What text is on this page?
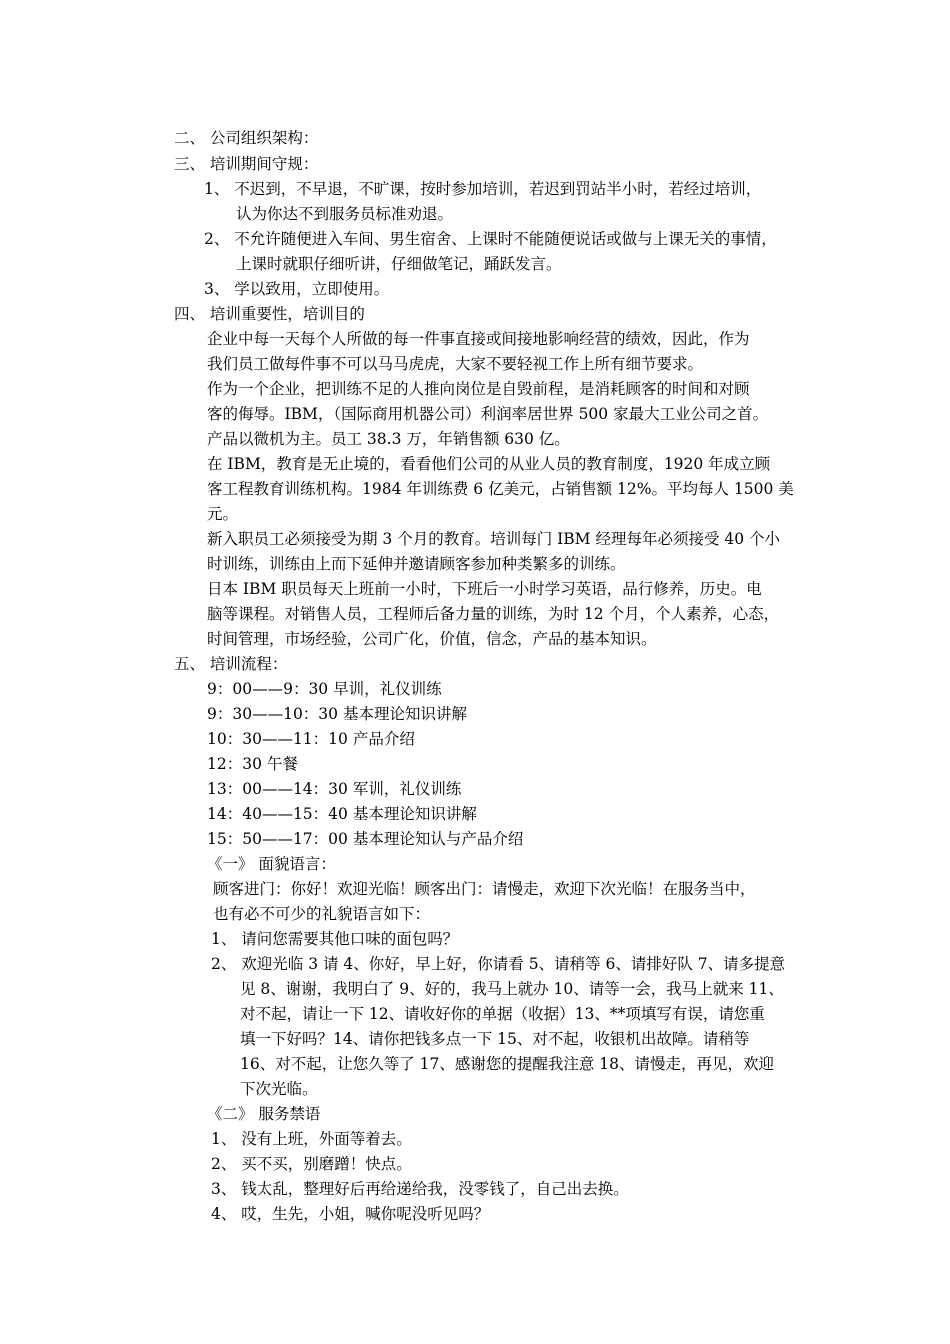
二、 公司组织架构：
三、 培训期间守规：
1、 不迟到，不早退，不旷课，按时参加培训，若迟到罚站半小时，若经过培训，
认为你达不到服务员标准劝退。
2、 不允许随便进入车间、男生宿舍、上课时不能随便说话或做与上课无关的事情，
上课时就职仔细听讲，仔细做笔记，踊跃发言。
3、 学以致用，立即使用。
四、 培训重要性，培训目的
企业中每一天每个人所做的每一件事直接或间接地影响经营的绩效，因此，作为
我们员工做每件事不可以马马虎虎，大家不要轻视工作上所有细节要求。
作为一个企业，把训练不足的人推向岗位是自毁前程，是消耗顾客的时间和对顾
客的侮辱。IBM，（国际商用机器公司）利润率居世界 500 家最大工业公司之首。
产品以微机为主。员工 38.3 万，年销售额 630 亿。
在 IBM，教育是无止境的，看看他们公司的从业人员的教育制度，1920 年成立顾
客工程教育训练机构。1984 年训练费 6 亿美元，占销售额 12%。平均每人 1500 美
元。
新入职员工必须接受为期 3 个月的教育。培训每门 IBM 经理每年必须接受 40 个小
时训练，训练由上而下延伸并邀请顾客参加种类繁多的训练。
日本 IBM 职员每天上班前一小时，下班后一小时学习英语，品行修养，历史。电
脑等课程。对销售人员，工程师后备力量的训练，为时 12 个月，个人素养，心态，
时间管理，市场经验，公司广化，价值，信念，产品的基本知识。
五、 培训流程：
9：00——9：30 早训，礼仪训练
9：30——10：30 基本理论知识讲解
10：30——11：10 产品介绍
12：30 午餐
13：00——14：30 军训，礼仪训练
14：40——15：40 基本理论知识讲解
15：50——17：00 基本理论知认与产品介绍
《一》 面貌语言：
顾客进门：你好！欢迎光临！顾客出门：请慢走，欢迎下次光临！在服务当中，
也有必不可少的礼貌语言如下：
1、 请问您需要其他口味的面包吗？
2、 欢迎光临 3 请 4、你好，早上好，你请看 5、请稍等 6、请排好队 7、请多提意
见 8、谢谢，我明白了 9、好的，我马上就办 10、请等一会，我马上就来 11、
对不起，请让一下 12、请收好你的单据（收据）13、**项填写有误，请您重
填一下好吗？14、请你把钱多点一下 15、对不起，收银机出故障。请稍等
16、对不起，让您久等了 17、感谢您的提醒我注意 18、请慢走，再见，欢迎
下次光临。
《二》 服务禁语
1、 没有上班，外面等着去。
2、 买不买，别磨蹭！快点。
3、 钱太乱，整理好后再给递给我，没零钱了，自己出去换。
4、 哎，生先，小姐，喊你呢没听见吗？
